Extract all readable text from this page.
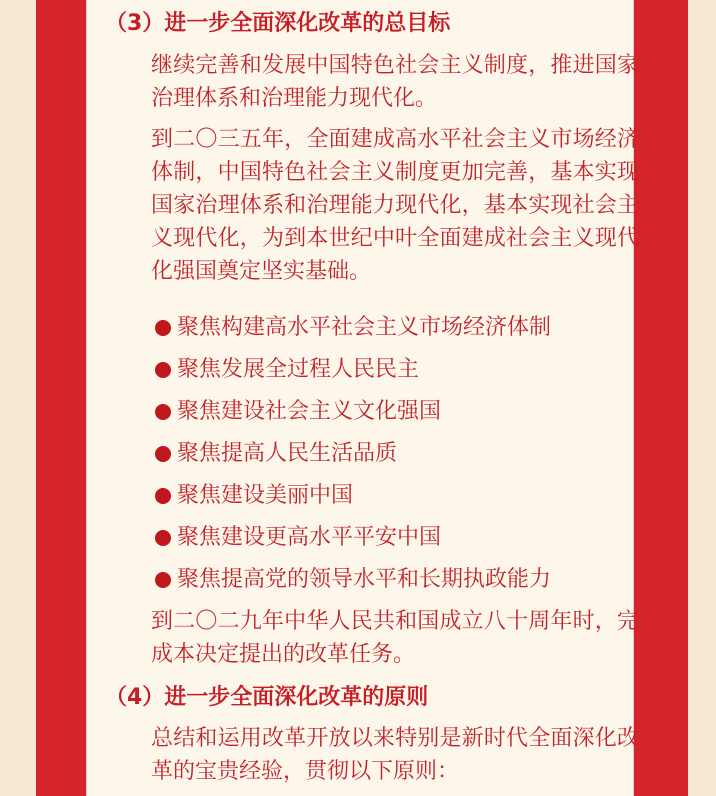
（3）进一步全面深化改革的总目标

继续完善和发展中国特色社会主义制度，推进国家治理体系和治理能力现代化。

到二〇三五年，全面建成高水平社会主义市场经济体制，中国特色社会主义制度更加完善，基本实现国家治理体系和治理能力现代化，基本实现社会主义现代化，为到本世纪中叶全面建成社会主义现代化强国奠定坚实基础。

聚焦构建高水平社会主义市场经济体制
聚焦发展全过程人民民主
聚焦建设社会主义文化强国
聚焦提高人民生活品质
聚焦建设美丽中国
聚焦建设更高水平平安中国
聚焦提高党的领导水平和长期执政能力

到二〇二九年中华人民共和国成立八十周年时，完成本决定提出的改革任务。

（4）进一步全面深化改革的原则

总结和运用改革开放以来特别是新时代全面深化改革的宝贵经验，贯彻以下原则：
